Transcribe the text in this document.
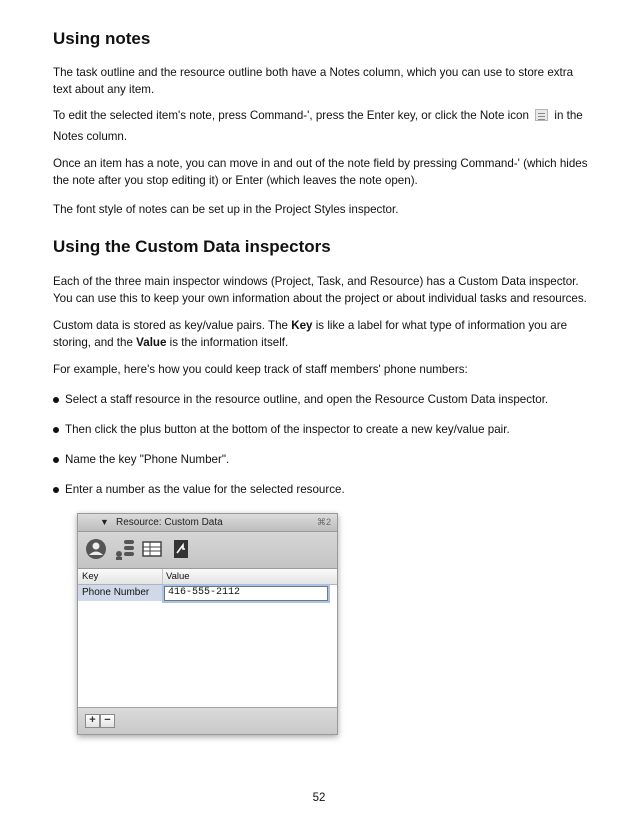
Using notes

The task outline and the resource outline both have a Notes column, which you can use to store extra text about any item.

To edit the selected item's note, press Command-', press the Enter key, or click the Note icon in the

Notes column.

Once an item has a note, you can move in and out of the note field by pressing Command-' (which hides the note after you stop editing it) or Enter (which leaves the note open).

The font style of notes can be set up in the Project Styles inspector.

Using the Custom Data inspectors

Each of the three main inspector windows (Project, Task, and Resource) has a Custom Data inspector. You can use this to keep your own information about the project or about individual tasks and resources.

Custom data is stored as key/value pairs. The Key is like a label for what type of information you are storing, and the Value is the information itself.

For example, here's how you could keep track of staff members' phone numbers:

Select a staff resource in the resource outline, and open the Resource Custom Data inspector.
Then click the plus button at the bottom of the inspector to create a new key/value pair.
Name the key "Phone Number".
Enter a number as the value for the selected resource.
▼ Resource: Custom Data	⌘2
Key	Value
Phone Number 416-555-2112
+ −
52
